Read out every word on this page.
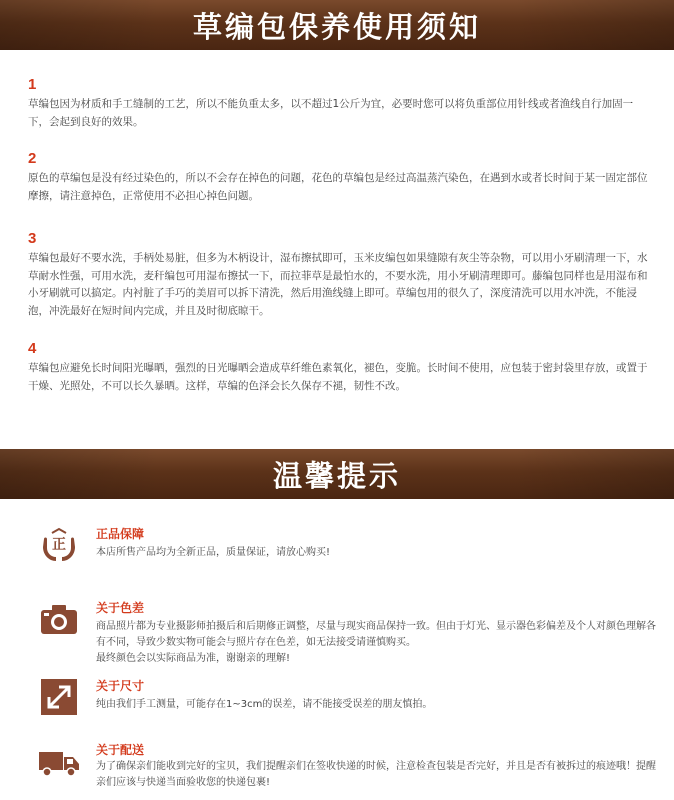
草编包保养使用须知
1
草编包因为材质和手工缝制的工艺，所以不能负重太多，以不超过1公斤为宜，必要时您可以将负重部位用针线或者渔线自行加固一下，会起到良好的效果。
2
原色的草编包是没有经过染色的，所以不会存在掉色的问题，花色的草编包是经过高温蒸汽染色，在遇到水或者长时间于某一固定部位摩擦，请注意掉色，正常使用不必担心掉色问题。
3
草编包最好不要水洗，手柄处易脏，但多为木柄设计，湿布擦拭即可，玉米皮编包如果缝隙有灰尘等杂物，可以用小牙刷清理一下，水草耐水性强，可用水洗，麦秆编包可用湿布擦拭一下，而拉菲草是最怕水的，不要水洗，用小牙刷清理即可。藤编包同样也是用湿布和小牙刷就可以搞定。内衬脏了手巧的美眉可以拆下清洗，然后用渔线缝上即可。草编包用的很久了，深度清洗可以用水冲洗，不能浸泡，冲洗最好在短时间内完成，并且及时彻底晾干。
4
草编包应避免长时间阳光曝晒，强烈的日光曝晒会造成草纤维色素氧化，褪色，变脆。长时间不使用，应包装于密封袋里存放，或置于干燥、光照处，不可以长久暴晒。这样，草编的色泽会长久保存不褪，韧性不改。
温馨提示
正
正品保障
本店所售产品均为全新正品，质量保证，请放心购买!
关于色差
商品照片都为专业摄影师拍摄后和后期修正调整，尽量与现实商品保持一致。但由于灯光、显示器色彩偏差及个人对颜色理解各有不同，导致少数实物可能会与照片存在色差，如无法接受请谨慎购买。
最终颜色会以实际商品为准，谢谢亲的理解!
关于尺寸
纯由我们手工测量，可能存在1~3cm的误差，请不能接受误差的朋友慎拍。
关于配送
为了确保亲们能收到完好的宝贝，我们提醒亲们在签收快递的时候，注意检查包装是否完好，并且是否有被拆过的痕迹哦！提醒亲们应该与快递当面验收您的快递包裹!
